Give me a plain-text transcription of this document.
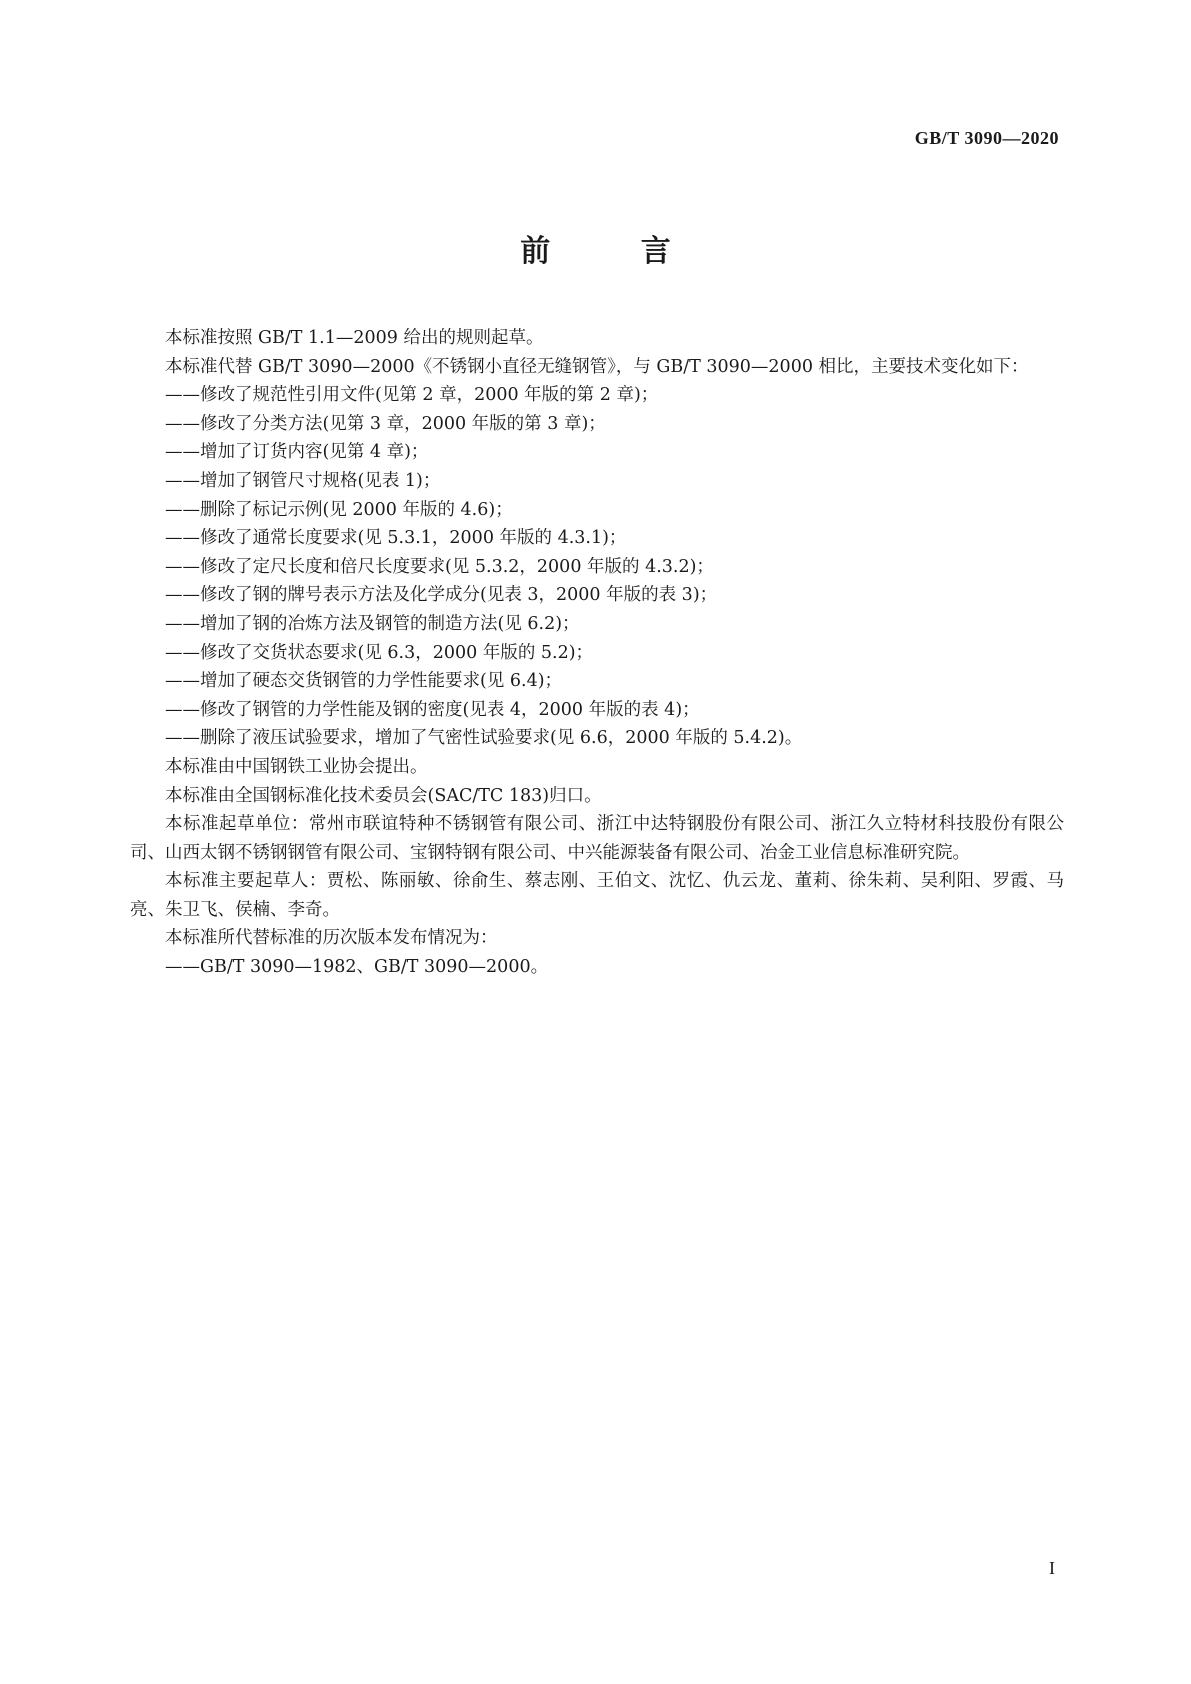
GB/T 3090—2020
前 言

本标准按照 GB/T 1.1—2009 给出的规则起草。

本标准代替 GB/T 3090—2000《不锈钢小直径无缝钢管》，与 GB/T 3090—2000 相比，主要技术变化如下：

——修改了规范性引用文件(见第 2 章，2000 年版的第 2 章)；

——修改了分类方法(见第 3 章，2000 年版的第 3 章)；

——增加了订货内容(见第 4 章)；

——增加了钢管尺寸规格(见表 1)；

——删除了标记示例(见 2000 年版的 4.6)；

——修改了通常长度要求(见 5.3.1，2000 年版的 4.3.1)；

——修改了定尺长度和倍尺长度要求(见 5.3.2，2000 年版的 4.3.2)；

——修改了钢的牌号表示方法及化学成分(见表 3，2000 年版的表 3)；

——增加了钢的冶炼方法及钢管的制造方法(见 6.2)；

——修改了交货状态要求(见 6.3，2000 年版的 5.2)；

——增加了硬态交货钢管的力学性能要求(见 6.4)；

——修改了钢管的力学性能及钢的密度(见表 4，2000 年版的表 4)；

——删除了液压试验要求，增加了气密性试验要求(见 6.6，2000 年版的 5.4.2)。

本标准由中国钢铁工业协会提出。

本标准由全国钢标准化技术委员会(SAC/TC 183)归口。

本标准起草单位：常州市联谊特种不锈钢管有限公司、浙江中达特钢股份有限公司、浙江久立特材科技股份有限公司、山西太钢不锈钢钢管有限公司、宝钢特钢有限公司、中兴能源装备有限公司、冶金工业信息标准研究院。

本标准主要起草人：贾松、陈丽敏、徐俞生、蔡志刚、王伯文、沈忆、仇云龙、董莉、徐朱莉、吴利阳、罗霞、马亮、朱卫飞、侯楠、李奇。

本标准所代替标准的历次版本发布情况为：

——GB/T 3090—1982、GB/T 3090—2000。

I
